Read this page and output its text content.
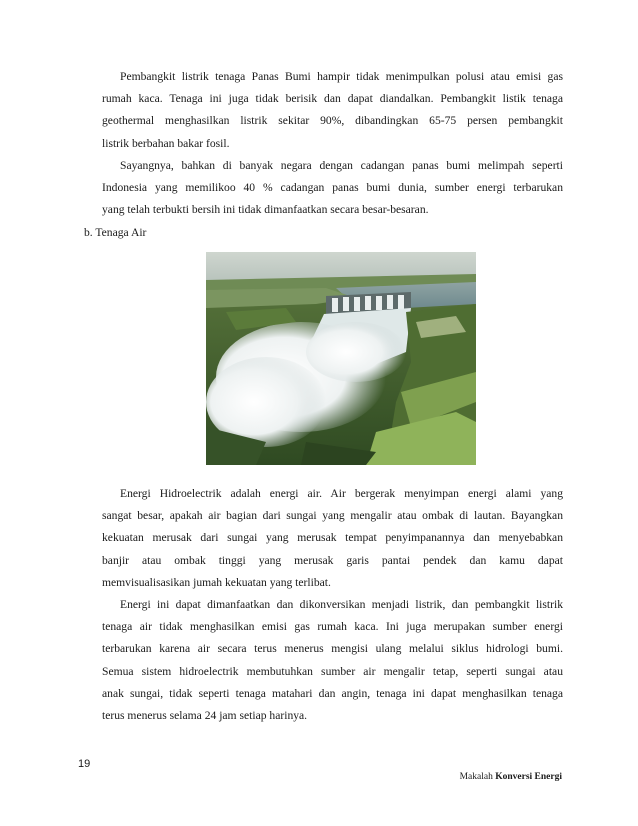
Pembangkit listrik tenaga Panas Bumi hampir tidak menimpulkan polusi atau emisi gas
rumah kaca. Tenaga ini juga tidak berisik dan dapat diandalkan. Pembangkit listik tenaga
geothermal menghasilkan listrik sekitar 90%, dibandingkan 65-75 persen pembangkit
listrik berbahan bakar fosil.
Sayangnya, bahkan di banyak negara dengan cadangan panas bumi melimpah seperti
Indonesia yang memilikoo 40 % cadangan panas bumi dunia, sumber energi terbarukan
yang telah terbukti bersih ini tidak dimanfaatkan secara besar-besaran.

b. Tenaga Air

Energi Hidroelectrik adalah energi air. Air bergerak menyimpan energi alami yang
sangat besar, apakah air bagian dari sungai yang mengalir atau ombak di lautan. Bayangkan
kekuatan merusak dari sungai yang merusak tempat penyimpanannya dan menyebabkan
banjir atau ombak tinggi yang merusak garis pantai pendek dan kamu dapat
memvisualisasikan jumah kekuatan yang terlibat.
Energi ini dapat dimanfaatkan dan dikonversikan menjadi listrik, dan pembangkit listrik
tenaga air tidak menghasilkan emisi gas rumah kaca. Ini juga merupakan sumber energi
terbarukan karena air secara terus menerus mengisi ulang melalui siklus hidrologi bumi.
Semua sistem hidroelectrik membutuhkan sumber air mengalir tetap, seperti sungai atau
anak sungai, tidak seperti tenaga matahari dan angin, tenaga ini dapat menghasilkan tenaga
terus menerus selama 24 jam setiap harinya.
19
Makalah Konversi Energi
